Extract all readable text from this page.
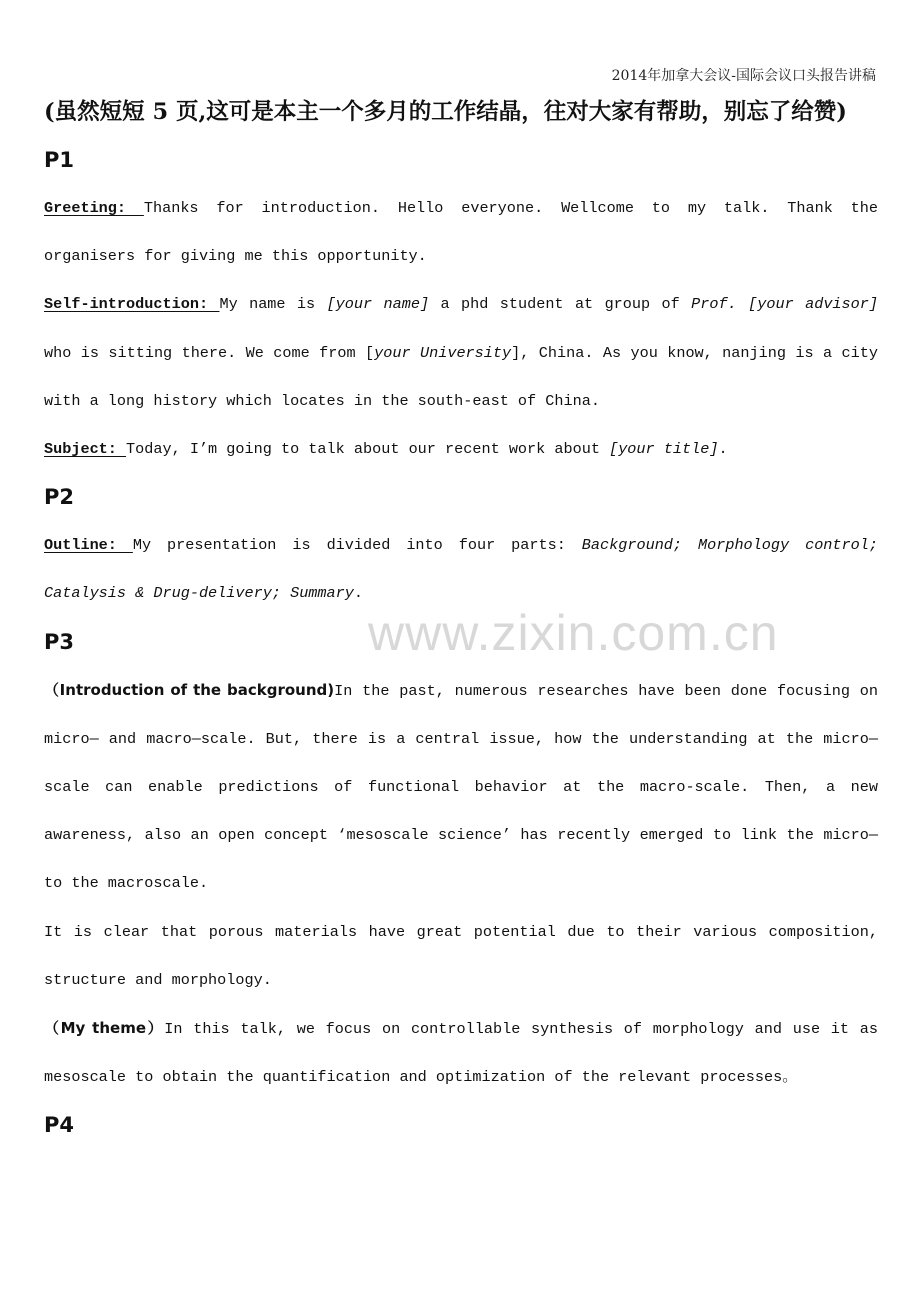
2014年加拿大会议-国际会议口头报告讲稿
www.zixin.com.cn

(虽然短短 5 页,这可是本主一个多月的工作结晶，往对大家有帮助，别忘了给赞)

P1

Greeting: Thanks for introduction. Hello everyone. Wellcome to my talk. Thank the organisers for giving me this opportunity.

Self-introduction: My name is [your name] a phd student at group of Prof. [your advisor] who is sitting there. We come from [your University], China. As you know, nanjing is a city with a long history which locates in the south-east of China.

Subject: Today, I’m going to talk about our recent work about [your title].

P2

Outline: My presentation is divided into four parts: Background; Morphology control; Catalysis & Drug-delivery; Summary.

P3

（Introduction of the background)In the past, numerous researches have been done focusing on micro— and macro—scale. But, there is a central issue, how the understanding at the micro—scale can enable predictions of functional behavior at the macro-scale. Then, a new awareness, also an open concept ‘mesoscale science’ has recently emerged to link the micro— to the macroscale.

It is clear that porous materials have great potential due to their various composition, structure and morphology.

（My theme）In this talk, we focus on controllable synthesis of morphology and use it as mesoscale to obtain the quantification and optimization of the relevant processes。

P4
